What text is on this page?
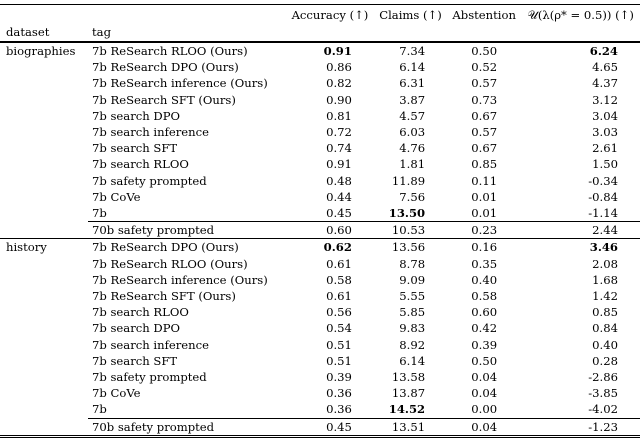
		Accuracy (↑)	Claims (↑)	Abstention	𝒰(λ(ρ* = 0.5)) (↑)
dataset	tag				
biographies	7b ReSearch RLOO (Ours)	0.91	7.34	0.50	6.24
	7b ReSearch DPO (Ours)	0.86	6.14	0.52	4.65
	7b ReSearch inference (Ours)	0.82	6.31	0.57	4.37
	7b ReSearch SFT (Ours)	0.90	3.87	0.73	3.12
	7b search DPO	0.81	4.57	0.67	3.04
	7b search inference	0.72	6.03	0.57	3.03
	7b search SFT	0.74	4.76	0.67	2.61
	7b search RLOO	0.91	1.81	0.85	1.50
	7b safety prompted	0.48	11.89	0.11	-0.34
	7b CoVe	0.44	7.56	0.01	-0.84
	7b	0.45	13.50	0.01	-1.14
	70b safety prompted	0.60	10.53	0.23	2.44
history	7b ReSearch DPO (Ours)	0.62	13.56	0.16	3.46
	7b ReSearch RLOO (Ours)	0.61	8.78	0.35	2.08
	7b ReSearch inference (Ours)	0.58	9.09	0.40	1.68
	7b ReSearch SFT (Ours)	0.61	5.55	0.58	1.42
	7b search RLOO	0.56	5.85	0.60	0.85
	7b search DPO	0.54	9.83	0.42	0.84
	7b search inference	0.51	8.92	0.39	0.40
	7b search SFT	0.51	6.14	0.50	0.28
	7b safety prompted	0.39	13.58	0.04	-2.86
	7b CoVe	0.36	13.87	0.04	-3.85
	7b	0.36	14.52	0.00	-4.02
	70b safety prompted	0.45	13.51	0.04	-1.23
